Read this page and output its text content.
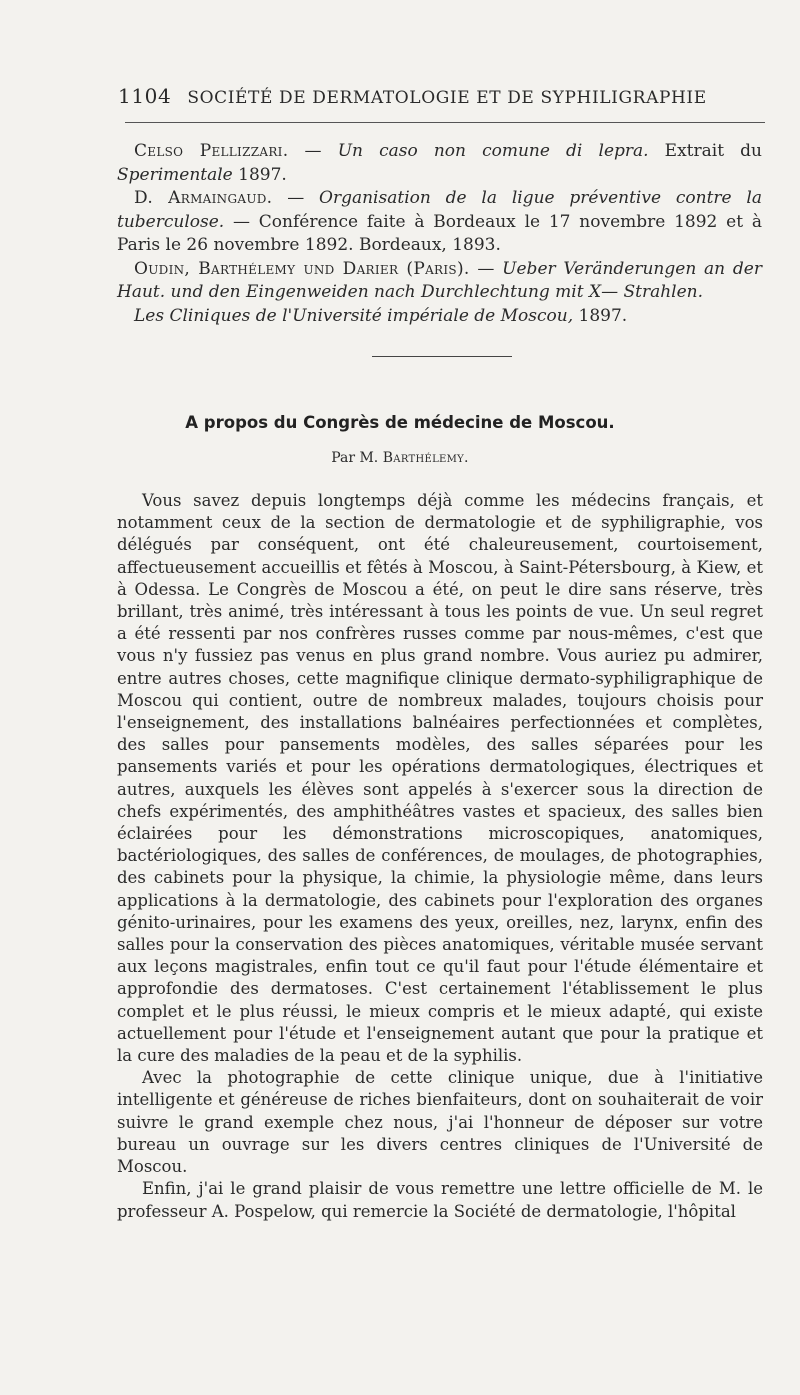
1104 SOCIÉTÉ DE DERMATOLOGIE ET DE SYPHILIGRAPHIE

Celso Pellizzari. — Un caso non comune di lepra. Extrait du Sperimentale 1897.

D. Armaingaud. — Organisation de la ligue préventive contre la tuberculose. — Conférence faite à Bordeaux le 17 novembre 1892 et à Paris le 26 novembre 1892. Bordeaux, 1893.

Oudin, Barthélemy und Darier (Paris). — Ueber Veränderungen an der Haut. und den Eingenweiden nach Durchlechtung mit X— Strahlen.

Les Cliniques de l'Université impériale de Moscou, 1897.

A propos du Congrès de médecine de Moscou.
Par M. Barthélemy.

Vous savez depuis longtemps déjà comme les médecins français, et notamment ceux de la section de dermatologie et de syphiligraphie, vos délégués par conséquent, ont été chaleureusement, courtoisement, affectueusement accueillis et fêtés à Moscou, à Saint-Pétersbourg, à Kiew, et à Odessa. Le Congrès de Moscou a été, on peut le dire sans réserve, très brillant, très animé, très intéressant à tous les points de vue. Un seul regret a été ressenti par nos confrères russes comme par nous-mêmes, c'est que vous n'y fussiez pas venus en plus grand nombre. Vous auriez pu admirer, entre autres choses, cette magnifique clinique dermato-syphiligraphique de Moscou qui contient, outre de nombreux malades, toujours choisis pour l'enseignement, des installations balnéaires perfectionnées et complètes, des salles pour pansements modèles, des salles séparées pour les pansements variés et pour les opérations dermatologiques, électriques et autres, auxquels les élèves sont appelés à s'exercer sous la direction de chefs expérimentés, des amphithéâtres vastes et spacieux, des salles bien éclairées pour les démonstrations microscopiques, anatomiques, bactériologiques, des salles de conférences, de moulages, de photographies, des cabinets pour la physique, la chimie, la physiologie même, dans leurs applications à la dermatologie, des cabinets pour l'exploration des organes génito-urinaires, pour les examens des yeux, oreilles, nez, larynx, enfin des salles pour la conservation des pièces anatomiques, véritable musée servant aux leçons magistrales, enfin tout ce qu'il faut pour l'étude élémentaire et approfondie des dermatoses. C'est certainement l'établissement le plus complet et le plus réussi, le mieux compris et le mieux adapté, qui existe actuellement pour l'étude et l'enseignement autant que pour la pratique et la cure des maladies de la peau et de la syphilis.

Avec la photographie de cette clinique unique, due à l'initiative intelligente et généreuse de riches bienfaiteurs, dont on souhaiterait de voir suivre le grand exemple chez nous, j'ai l'honneur de déposer sur votre bureau un ouvrage sur les divers centres cliniques de l'Université de Moscou.

Enfin, j'ai le grand plaisir de vous remettre une lettre officielle de M. le professeur A. Pospelow, qui remercie la Société de dermatologie, l'hôpital
